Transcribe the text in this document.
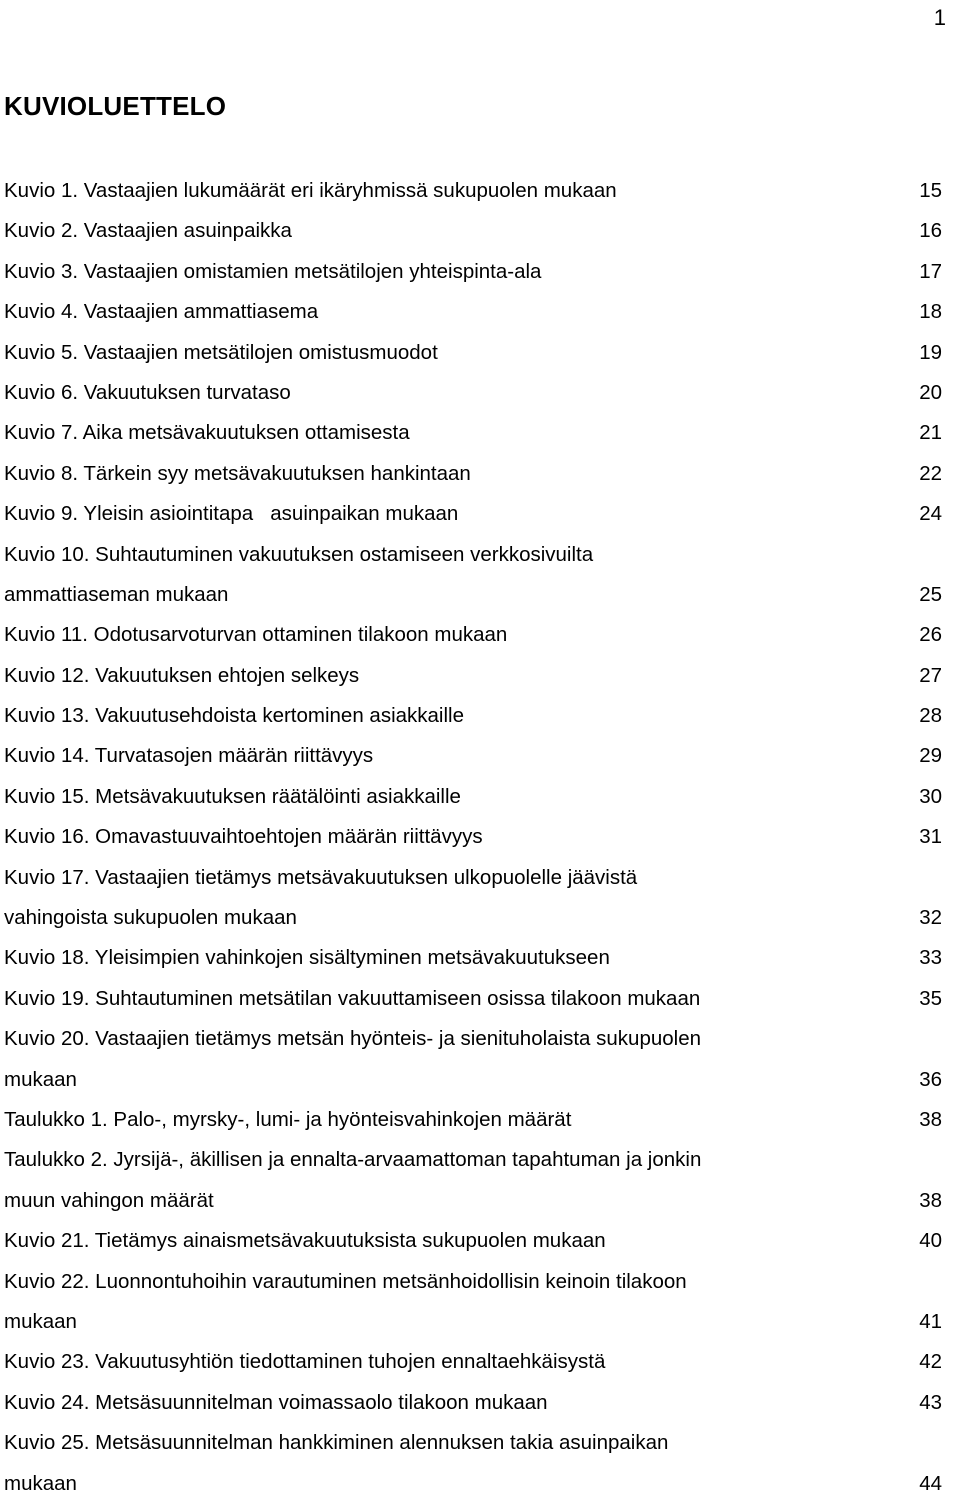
1
KUVIOLUETTELO
Kuvio 1. Vastaajien lukumäärät eri ikäryhmissä sukupuolen mukaan	15
Kuvio 2. Vastaajien asuinpaikka	16
Kuvio 3. Vastaajien omistamien metsätilojen yhteispinta-ala	17
Kuvio 4. Vastaajien ammattiasema	18
Kuvio 5. Vastaajien metsätilojen omistusmuodot	19
Kuvio 6. Vakuutuksen turvataso	20
Kuvio 7. Aika metsävakuutuksen ottamisesta	21
Kuvio 8. Tärkein syy metsävakuutuksen hankintaan	22
Kuvio 9. Yleisin asiointitapa   asuinpaikan mukaan	24
Kuvio 10. Suhtautuminen vakuutuksen ostamiseen verkkosivuilta
ammattiaseman mukaan	25
Kuvio 11. Odotusarvoturvan ottaminen tilakoon mukaan	26
Kuvio 12. Vakuutuksen ehtojen selkeys	27
Kuvio 13. Vakuutusehdoista kertominen asiakkaille	28
Kuvio 14. Turvatasojen määrän riittävyys	29
Kuvio 15. Metsävakuutuksen räätälöinti asiakkaille	30
Kuvio 16. Omavastuuvaihtoehtojen määrän riittävyys	31
Kuvio 17. Vastaajien tietämys metsävakuutuksen ulkopuolelle jäävistä
vahingoista sukupuolen mukaan	32
Kuvio 18. Yleisimpien vahinkojen sisältyminen metsävakuutukseen	33
Kuvio 19. Suhtautuminen metsätilan vakuuttamiseen osissa tilakoon mukaan	35
Kuvio 20. Vastaajien tietämys metsän hyönteis- ja sienituholaista sukupuolen
mukaan	36
Taulukko 1. Palo-, myrsky-, lumi- ja hyönteisvahinkojen määrät	38
Taulukko 2. Jyrsijä-, äkillisen ja ennalta-arvaamattoman tapahtuman ja jonkin
muun vahingon määrät	38
Kuvio 21. Tietämys ainaismetsävakuutuksista sukupuolen mukaan	40
Kuvio 22. Luonnontuhoihin varautuminen metsänhoidollisin keinoin tilakoon
mukaan	41
Kuvio 23. Vakuutusyhtiön tiedottaminen tuhojen ennaltaehkäisystä	42
Kuvio 24. Metsäsuunnitelman voimassaolo tilakoon mukaan	43
Kuvio 25. Metsäsuunnitelman hankkiminen alennuksen takia asuinpaikan
mukaan	44
